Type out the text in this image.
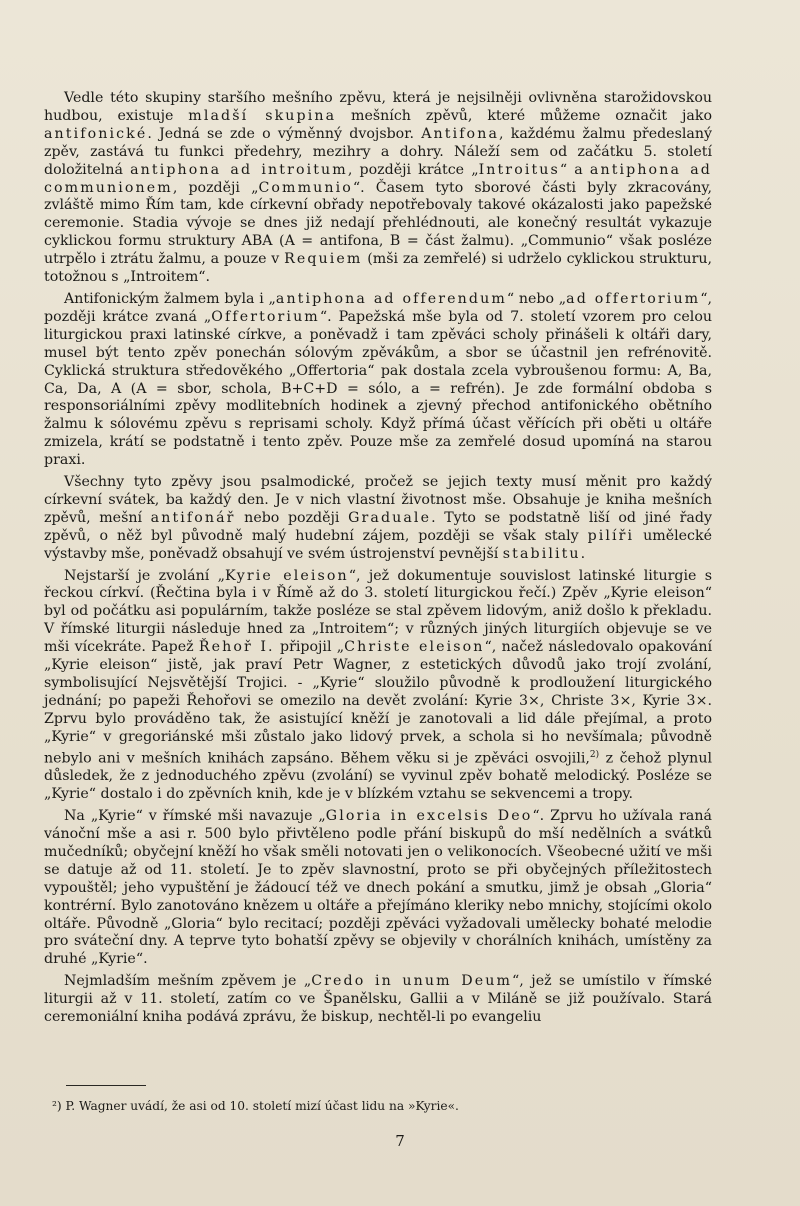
Vedle této skupiny staršího mešního zpěvu, která je nejsilněji ovlivněna starožidovskou hudbou, existuje mladší skupina mešních zpěvů, které můžeme označit jako antifonické. Jedná se zde o výměnný dvojsbor. Antifona, každému žalmu předeslaný zpěv, zastává tu funkci předehry, mezihry a dohry. Náleží sem od začátku 5. století doložitelná antiphona ad introitum, později krátce „Introitus“ a antiphona ad communionem, později „Communio“. Časem tyto sborové části byly zkracovány, zvláště mimo Řím tam, kde církevní obřady nepotřebovaly takové okázalosti jako papežské ceremonie. Stadia vývoje se dnes již nedají přehlédnouti, ale konečný resultát vykazuje cyklickou formu struktury ABA (A = antifona, B = část žalmu). „Communio“ však posléze utrpělo i ztrátu žalmu, a pouze v Requiem (mši za zemřelé) si udrželo cyklickou strukturu, totožnou s „Introitem“.

Antifonickým žalmem byla i „antiphona ad offerendum“ nebo „ad offertorium“, později krátce zvaná „Offertorium“. Papežská mše byla od 7. století vzorem pro celou liturgickou praxi latinské církve, a poněvadž i tam zpěváci scholy přinášeli k oltáři dary, musel být tento zpěv ponechán sólovým zpěvákům, a sbor se účastnil jen refrénovitě. Cyklická struktura středověkého „Offertoria“ pak dostala zcela vybroušenou formu: A, Ba, Ca, Da, A (A = sbor, schola, B+C+D = sólo, a = refrén). Je zde formální obdoba s responsoriálními zpěvy modlitebních hodinek a zjevný přechod antifonického obětního žalmu k sólovému zpěvu s reprisami scholy. Když přímá účast věřících při oběti u oltáře zmizela, krátí se podstatně i tento zpěv. Pouze mše za zemřelé dosud upomíná na starou praxi.

Všechny tyto zpěvy jsou psalmodické, pročež se jejich texty musí měnit pro každý církevní svátek, ba každý den. Je v nich vlastní životnost mše. Obsahuje je kniha mešních zpěvů, mešní antifonář nebo později Graduale. Tyto se podstatně liší od jiné řady zpěvů, o něž byl původně malý hudební zájem, později se však staly pilíři umělecké výstavby mše, poněvadž obsahují ve svém ústrojenství pevnější stabilitu.

Nejstarší je zvolání „Kyrie eleison“, jež dokumentuje souvislost latinské liturgie s řeckou církví. (Řečtina byla i v Římě až do 3. století liturgickou řečí.) Zpěv „Kyrie eleison“ byl od počátku asi populárním, takže posléze se stal zpěvem lidovým, aniž došlo k překladu. V římské liturgii následuje hned za „Introitem“; v různých jiných liturgiích objevuje se ve mši vícekráte. Papež Řehoř I. připojil „Christe eleison“, načež následovalo opakování „Kyrie eleison“ jistě, jak praví Petr Wagner, z estetických důvodů jako trojí zvolání, symbolisující Nejsvětější Trojici. - „Kyrie“ sloužilo původně k prodloužení liturgického jednání; po papeži Řehořovi se omezilo na devět zvolání: Kyrie 3×, Christe 3×, Kyrie 3×. Zprvu bylo prováděno tak, že asistující kněží je zanotovali a lid dále přejímal, a proto „Kyrie“ v gregoriánské mši zůstalo jako lidový prvek, a schola si ho nevšímala; původně nebylo ani v mešních knihách zapsáno. Během věku si je zpěváci osvojili,$^{2)}$ z čehož plynul důsledek, že z jednoduchého zpěvu (zvolání) se vyvinul zpěv bohatě melodický. Posléze se „Kyrie“ dostalo i do zpěvních knih, kde je v blízkém vztahu se sekvencemi a tropy.

Na „Kyrie“ v římské mši navazuje „Gloria in excelsis Deo“. Zprvu ho užívala raná vánoční mše a asi r. 500 bylo přivtěleno podle přání biskupů do mší nedělních a svátků mučedníků; obyčejní kněží ho však směli notovati jen o velikonocích. Všeobecné užití ve mši se datuje až od 11. století. Je to zpěv slavnostní, proto se při obyčejných příležitostech vypouštěl; jeho vypuštění je žádoucí též ve dnech pokání a smutku, jimž je obsah „Gloria“ kontrérní. Bylo zanotováno knězem u oltáře a přejímáno kleriky nebo mnichy, stojícími okolo oltáře. Původně „Gloria“ bylo recitací; později zpěváci vyžadovali umělecky bohaté melodie pro sváteční dny. A teprve tyto bohatší zpěvy se objevily v chorálních knihách, umístěny za druhé „Kyrie“.

Nejmladším mešním zpěvem je „Credo in unum Deum“, jež se umístilo v římské liturgii až v 11. století, zatím co ve Španělsku, Gallii a v Miláně se již používalo. Stará ceremoniální kniha podává zprávu, že biskup, nechtěl-li po evangeliu

²) P. Wagner uvádí, že asi od 10. století mizí účast lidu na »Kyrie«.
7
